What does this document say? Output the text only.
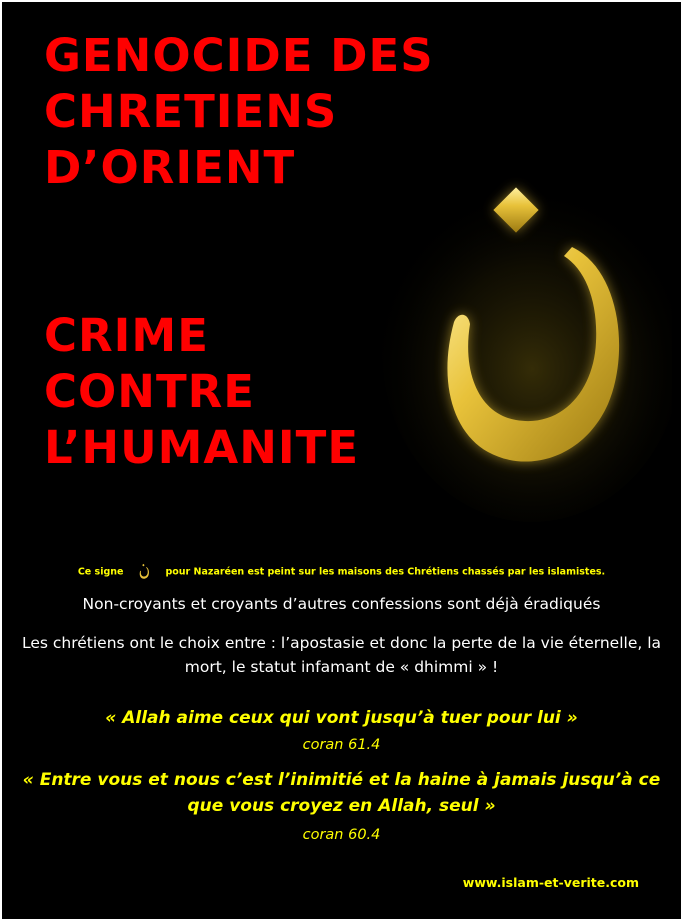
GENOCIDE DES
CHRETIENS
D’ORIENT
CRIME
CONTRE
L’HUMANITE
Ce signe	pour Nazaréen est peint sur les maisons des Chrétiens chassés par les islamistes.

Non-croyants et croyants d’autres confessions sont déjà éradiqués

Les chrétiens ont le choix entre : l’apostasie et donc la perte de la vie éternelle, la mort, le statut infamant de « dhimmi » !

« Allah aime ceux qui vont jusqu’à tuer pour lui »

coran 61.4

« Entre vous et nous c’est l’inimitié et la haine à jamais jusqu’à ce que vous croyez en Allah, seul »

coran 60.4

www.islam-et-verite.com
